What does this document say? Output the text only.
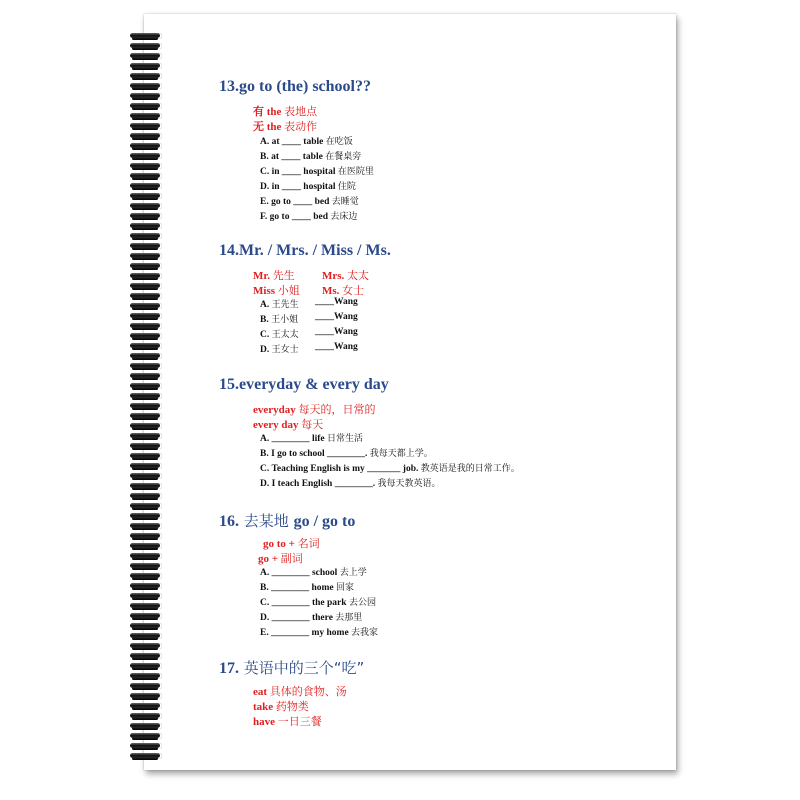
13.go to (the) school??
有 the 表地点
无 the 表动作
A. at ____ table 在吃饭
B. at ____ table 在餐桌旁
C. in ____ hospital 在医院里
D. in ____ hospital 住院
E. go to ____ bed 去睡觉
F. go to ____ bed 去床边
14.Mr. / Mrs. / Miss / Ms.
Mr. 先生 Mrs. 太太
Miss 小姐 Ms. 女士
A. 王先生 ____Wang
B. 王小姐 ____Wang
C. 王太太 ____Wang
D. 王女士 ____Wang
15.everyday & every day
everyday 每天的，日常的
every day 每天
A. ________ life 日常生活
B. I go to school ________. 我每天都上学。
C. Teaching English is my _______ job. 教英语是我的日常工作。
D. I teach English ________. 我每天教英语。
16. 去某地 go / go to
go to + 名词
go + 副词
A. ________ school 去上学
B. ________ home 回家
C. ________ the park 去公园
D. ________ there 去那里
E. ________ my home 去我家
17. 英语中的三个“吃”
eat 具体的食物、汤
take 药物类
have 一日三餐
